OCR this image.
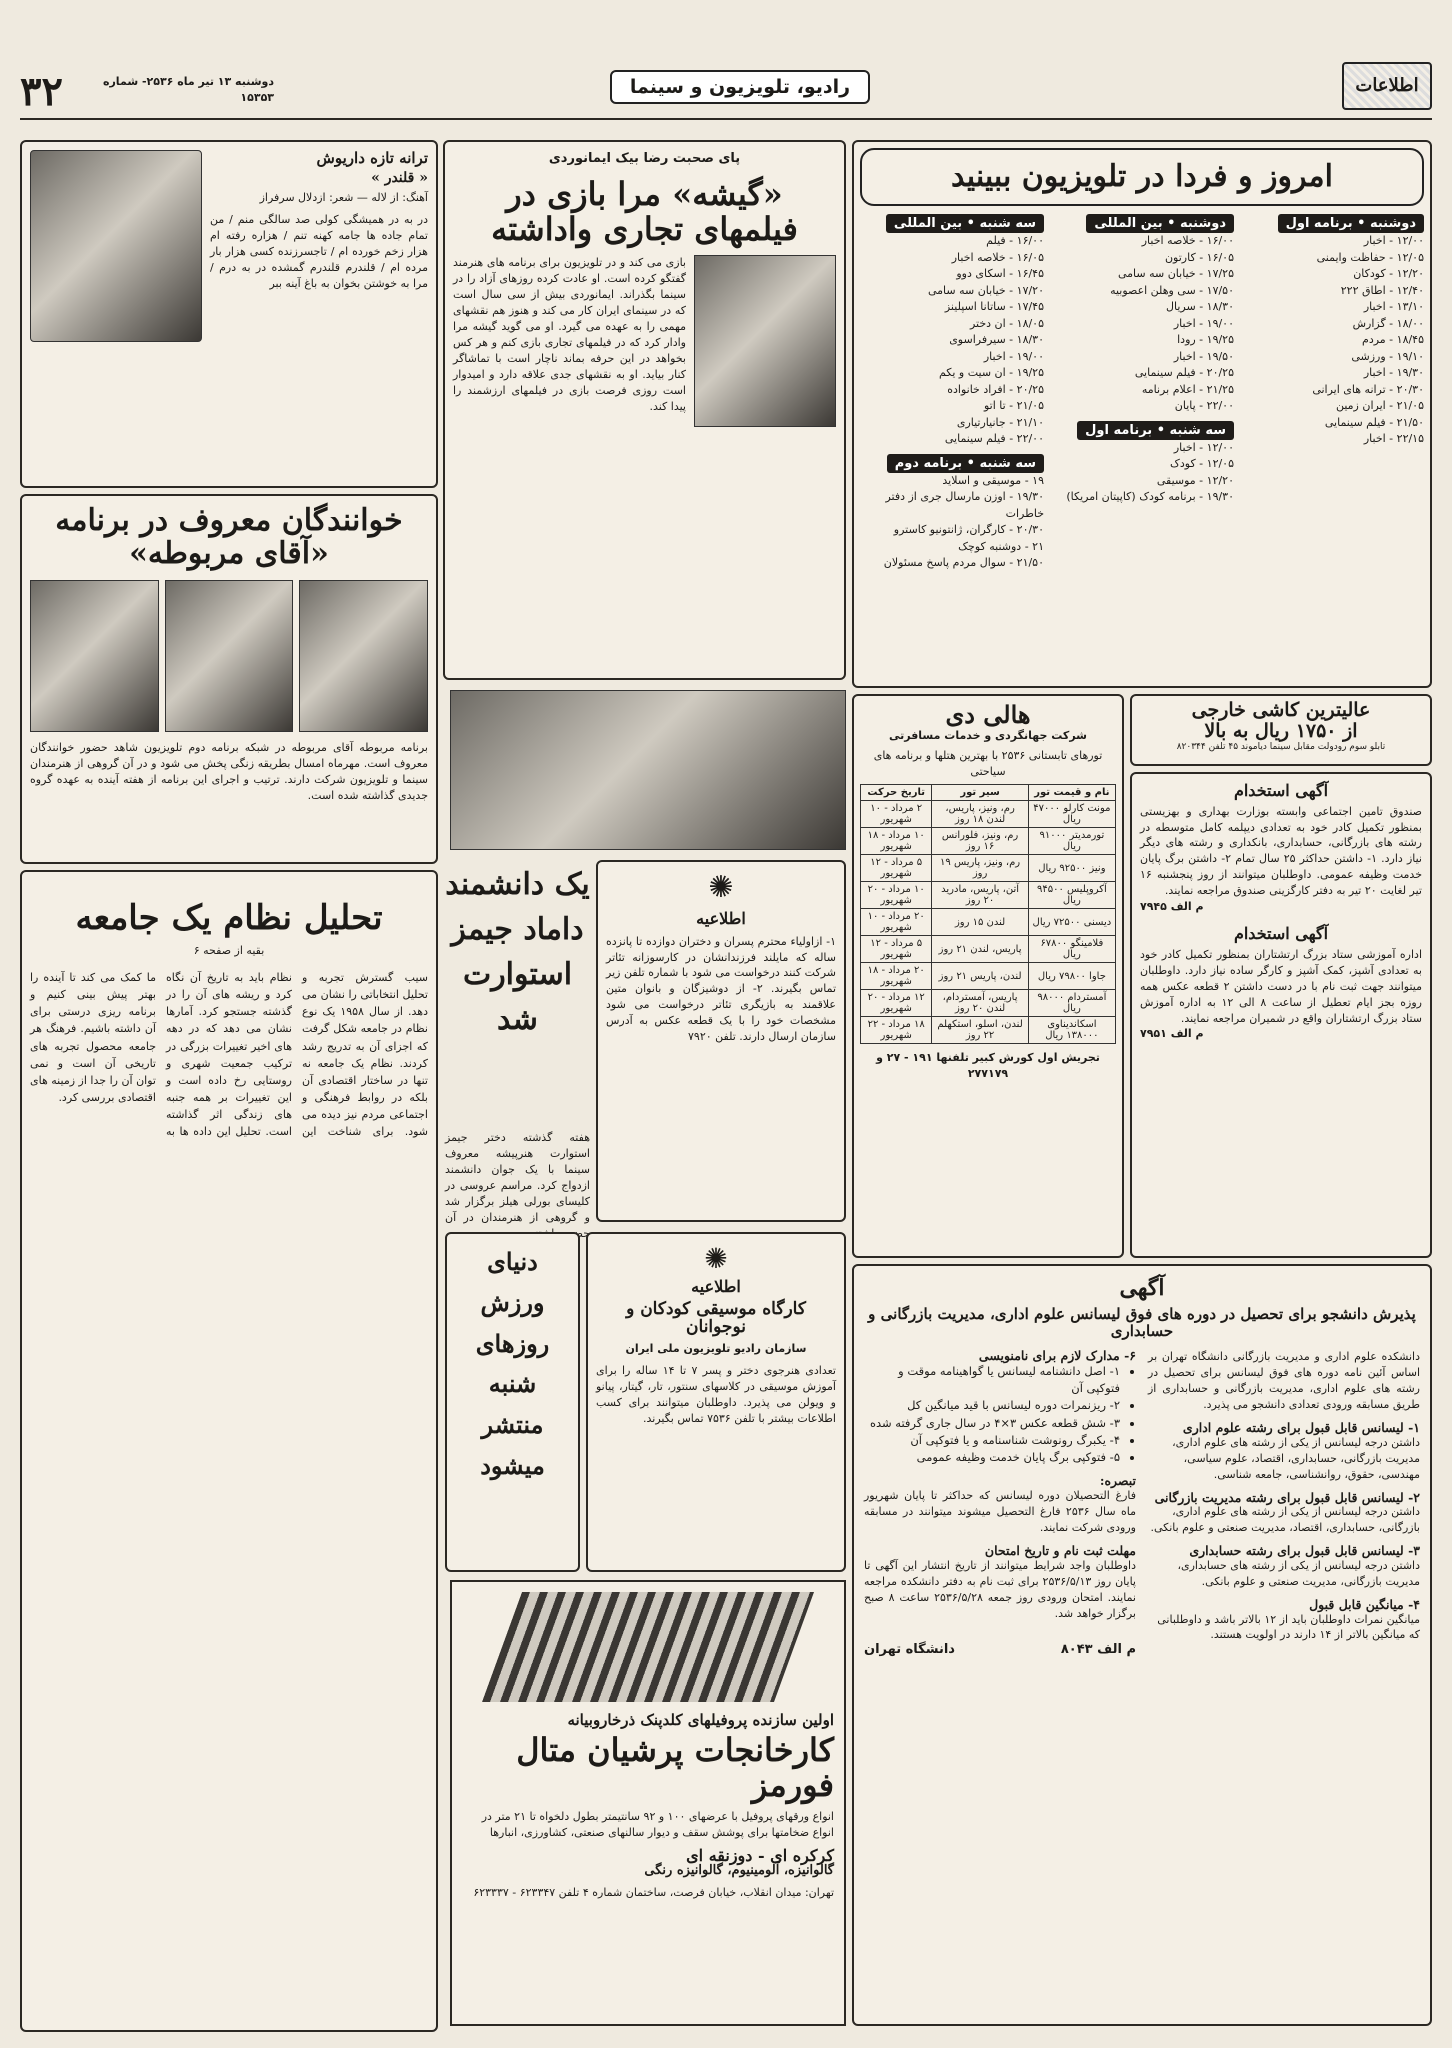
۳۲	دوشنبه ۱۳ تیر ماه ۲۵۳۶- شماره ۱۵۳۵۳	رادیو، تلویزیون و سینما	اطلاعات
امروز و فردا در تلویزیون ببینید
دوشنبه • برنامه اول
۱۲/۰۰ - اخبار
۱۲/۰۵ - حفاظت وایمنی
۱۲/۲۰ - کودکان
۱۲/۴۰ - اطاق ۲۲۲
۱۳/۱۰ - اخبار
۱۸/۰۰ - گزارش
۱۸/۴۵ - مردم
۱۹/۱۰ - ورزشی
۱۹/۳۰ - اخبار
۲۰/۳۰ - ترانه های ایرانی
۲۱/۰۵ - ایران زمین
۲۱/۵۰ - فیلم سینمایی
۲۲/۱۵ - اخبار
دوشنبه • بین المللی
۱۶/۰۰ - خلاصه اخبار
۱۶/۰۵ - کارتون
۱۷/۲۵ - خیابان سه سامی
۱۷/۵۰ - سی وهلن اعصوبیه
۱۸/۳۰ - سریال
۱۹/۰۰ - اخبار
۱۹/۲۵ - رودا
۱۹/۵۰ - اخبار
۲۰/۲۵ - فیلم سینمایی
۲۱/۲۵ - اعلام برنامه
۲۲/۰۰ - پایان
سه شنبه • برنامه اول
۱۲/۰۰ - اخبار
۱۲/۰۵ - کودک
۱۲/۲۰ - موسیقی
۱۹/۳۰ - برنامه کودک (کاپیتان امریکا)
سه شنبه • بین المللی
۱۶/۰۰ - فیلم
۱۶/۰۵ - خلاصه اخبار
۱۶/۴۵ - اسکای دوو
۱۷/۲۰ - خیابان سه سامی
۱۷/۴۵ - ساتانا اسپلینز
۱۸/۰۵ - ان دختر
۱۸/۳۰ - سیرفراسوی
۱۹/۰۰ - اخبار
۱۹/۲۵ - ان سیت و یکم
۲۰/۲۵ - افراد خانواده
۲۱/۰۵ - تا اتو
۲۱/۱۰ - جانیارتیاری
۲۲/۰۰ - فیلم سینمایی
سه شنبه • برنامه دوم
۱۹ - موسیقی و اسلاید
۱۹/۳۰ - اوزن مارسال جری از دفتر خاطرات
۲۰/۳۰ - کارگران، ژانتونیو کاسترو
۲۱ - دوشنبه کوچک
۲۱/۵۰ - سوال مردم پاسخ مسئولان
پای صحبت رضا بیک ایمانوردی
«گیشه» مرا بازی در فیلمهای تجاری واداشته
بازی می کند و در تلویزیون برای برنامه های هنرمند گفتگو کرده است. او عادت کرده روزهای آزاد را در سینما بگذراند. ایمانوردی بیش از سی سال است که در سینمای ایران کار می کند و هنوز هم نقشهای مهمی را به عهده می گیرد. او می گوید گیشه مرا وادار کرد که در فیلمهای تجاری بازی کنم و هر کس بخواهد در این حرفه بماند ناچار است با تماشاگر کنار بیاید. او به نقشهای جدی علاقه دارد و امیدوار است روزی فرصت بازی در فیلمهای ارزشمند را پیدا کند.
ترانه تازه داریوش
« قلندر »
آهنگ: از لاله — شعر: ازدلال سرفراز
در به در همیشگی کولی صد سالگی منم / من تمام جاده ها جامه کهنه تنم / هزاره رفته ام هزار زخم خورده ام / تاجسرزنده کسی هزار بار مرده ام / قلندرم قلندرم گمشده در به درم / مرا به خوشتن بخوان به باغ آینه ببر
خوانندگان معروف در برنامه «آقای مربوطه»
برنامه مربوطه آقای مربوطه در شبکه برنامه دوم تلویزیون شاهد حضور خوانندگان معروف است. مهرماه امسال بطریقه زنگی پخش می شود و در آن گروهی از هنرمندان سینما و تلویزیون شرکت دارند. ترتیب و اجرای این برنامه از هفته آینده به عهده گروه جدیدی گذاشته شده است.
تحلیل نظام یک جامعه
بقیه از صفحه ۶
سیب گسترش تجربه و تحلیل انتخاباتی را نشان می دهد. از سال ۱۹۵۸ یک نوع نظام در جامعه شکل گرفت که اجزای آن به تدریج رشد کردند. نظام یک جامعه نه تنها در ساختار اقتصادی آن بلکه در روابط فرهنگی و اجتماعی مردم نیز دیده می شود. برای شناخت این نظام باید به تاریخ آن نگاه کرد و ریشه های آن را در گذشته جستجو کرد. آمارها نشان می دهد که در دهه های اخیر تغییرات بزرگی در ترکیب جمعیت شهری و روستایی رخ داده است و این تغییرات بر همه جنبه های زندگی اثر گذاشته است. تحلیل این داده ها به ما کمک می کند تا آینده را بهتر پیش بینی کنیم و برنامه ریزی درستی برای آن داشته باشیم. فرهنگ هر جامعه محصول تجربه های تاریخی آن است و نمی توان آن را جدا از زمینه های اقتصادی بررسی کرد.
یک دانشمند داماد جیمز استوارت شد
هفته گذشته دختر جیمز استوارت هنرپیشه معروف سینما با یک جوان دانشمند ازدواج کرد. مراسم عروسی در کلیسای بورلی هیلز برگزار شد و گروهی از هنرمندان در آن
✺
اطلاعیه
۱- ازاولیاء محترم پسران و دختران دوازده تا پانزده ساله که مایلند فرزندانشان در کارسوزانه تئاتر شرکت کنند درخواست می شود با شماره تلفن زیر تماس بگیرند. ۲- از دوشیزگان و بانوان متین علاقمند به بازیگری تئاتر درخواست می شود مشخصات خود را با یک قطعه عکس به آدرس سازمان ارسال دارند. تلفن ۷۹۲۰
دنیای ورزش روزهای شنبه منتشر میشود
✺
اطلاعیه
کارگاه موسیقی کودکان و نوجوانان
سازمان رادیو تلویزیون ملی ایران
تعدادی هنرجوی دختر و پسر ۷ تا ۱۴ ساله را برای آموزش موسیقی در کلاسهای سنتور، تار، گیتار، پیانو و ویولن می پذیرد. داوطلبان میتوانند برای کسب اطلاعات بیشتر با تلفن ۷۵۳۶ تماس بگیرند.
اولین سازنده پروفیلهای کلدپنک ذرخاروبیانه
کارخانجات پرشیان متال فورمز
انواع ورقهای پروفیل با عرضهای ۱۰۰ و ۹۲ سانتیمتر بطول دلخواه تا ۲۱ متر در انواع ضخامتها برای پوشش سقف و دیوار سالنهای صنعتی، کشاورزی، انبارها
کرکره ای - دوزنقه ای
گالوانیزه، آلومینیوم، گالوانیزه رنگی
تهران: میدان انقلاب، خیابان فرصت، ساختمان شماره ۴ تلفن ۶۲۳۳۴۷ - ۶۲۳۳۳۷
هالی دی
شرکت جهانگردی و خدمات مسافرتی
تورهای تابستانی ۲۵۳۶ با بهترین هتلها و برنامه های سیاحتی
نام و قیمت تور	سیر تور	تاریخ حرکت
مونت کارلو ۴۷۰۰۰ ریال	رم، ونیز، پاریس، لندن ۱۸ روز	۲ مرداد - ۱۰ شهریور
تورمدیتر ۹۱۰۰۰ ریال	رم، ونیز، فلورانس ۱۶ روز	۱۰ مرداد - ۱۸ شهریور
ونیز ۹۲۵۰۰ ریال	رم، ونیز، پاریس ۱۹ روز	۵ مرداد - ۱۲ شهریور
آکروپلیس ۹۴۵۰۰ ریال	آتن، پاریس، مادرید ۲۰ روز	۱۰ مرداد - ۲۰ شهریور
دیسنی ۷۲۵۰۰ ریال	لندن ۱۵ روز	۲۰ مرداد - ۱۰ شهریور
فلامینگو ۶۷۸۰۰ ریال	پاریس، لندن ۲۱ روز	۵ مرداد - ۱۲ شهریور
جاوا ۷۹۸۰۰ ریال	لندن، پاریس ۲۱ روز	۲۰ مرداد - ۱۸ شهریور
آمستردام ۹۸۰۰۰ ریال	پاریس، آمستردام، لندن ۲۰ روز	۱۲ مرداد - ۲۰ شهریور
اسکاندیناوی ۱۳۸۰۰۰ ریال	لندن، اسلو، استکهلم ۲۲ روز	۱۸ مرداد - ۲۲ شهریور
تجریش اول کورش کبیر تلفنها ۱۹۱ - ۲۷ و ۲۷۷۱۷۹
عالیترین کاشی خارجی
از ۱۷۵۰ ریال به بالا
تابلو سوم رودولت مقابل سینما دیاموند ۴۵ تلفن ۸۲۰۳۴۴
آگهی استخدام
صندوق تامین اجتماعی وابسته بوزارت بهداری و بهزیستی بمنظور تکمیل کادر خود به تعدادی دیپلمه کامل متوسطه در رشته های بازرگانی، حسابداری، بانکداری و رشته های دیگر نیاز دارد. ۱- داشتن حداکثر ۲۵ سال تمام ۲- داشتن برگ پایان خدمت وظیفه عمومی. داوطلبان میتوانند از روز پنجشنبه ۱۶ تیر لغایت ۲۰ تیر به دفتر کارگزینی صندوق مراجعه نمایند.
م الف ۷۹۴۵
آگهی استخدام
اداره آموزشی ستاد بزرگ ارتشتاران بمنظور تکمیل کادر خود به تعدادی آشپز، کمک آشپز و کارگر ساده نیاز دارد. داوطلبان میتوانند جهت ثبت نام با در دست داشتن ۲ قطعه عکس همه روزه بجز ایام تعطیل از ساعت ۸ الی ۱۲ به اداره آموزش ستاد بزرگ ارتشتاران واقع در شمیران مراجعه نمایند.
م الف ۷۹۵۱
آگهی
پذیرش دانشجو برای تحصیل در دوره های فوق لیسانس علوم اداری، مدیریت بازرگانی و حسابداری
دانشکده علوم اداری و مدیریت بازرگانی دانشگاه تهران بر اساس آئین نامه دوره های فوق لیسانس برای تحصیل در رشته های علوم اداری، مدیریت بازرگانی و حسابداری از طریق مسابقه ورودی تعدادی دانشجو می پذیرد.
۱- لیسانس قابل قبول برای رشته علوم اداری
داشتن درجه لیسانس از یکی از رشته های علوم اداری، مدیریت بازرگانی، حسابداری، اقتصاد، علوم سیاسی، مهندسی، حقوق، روانشناسی، جامعه شناسی.
۲- لیسانس قابل قبول برای رشته مدیریت بازرگانی
داشتن درجه لیسانس از یکی از رشته های علوم اداری، بازرگانی، حسابداری، اقتصاد، مدیریت صنعتی و علوم بانکی.
۳- لیسانس قابل قبول برای رشته حسابداری
داشتن درجه لیسانس از یکی از رشته های حسابداری، مدیریت بازرگانی، مدیریت صنعتی و علوم بانکی.
۴- میانگین قابل قبول
میانگین نمرات داوطلبان باید از ۱۲ بالاتر باشد و داوطلبانی که میانگین بالاتر از ۱۴ دارند در اولویت هستند.
۶- مدارک لازم برای نامنویسی
• ۱- اصل دانشنامه لیسانس یا گواهینامه موقت و فتوکپی آن
• ۲- ریزنمرات دوره لیسانس با قید میانگین کل
• ۳- شش قطعه عکس ۳×۴ در سال جاری گرفته شده
• ۴- یکبرگ رونوشت شناسنامه و یا فتوکپی آن
• ۵- فتوکپی برگ پایان خدمت وظیفه عمومی
تبصره:
فارغ التحصیلان دوره لیسانس که حداکثر تا پایان شهریور ماه سال ۲۵۳۶ فارغ التحصیل میشوند میتوانند در مسابقه ورودی شرکت نمایند.
مهلت ثبت نام و تاریخ امتحان
داوطلبان واجد شرایط میتوانند از تاریخ انتشار این آگهی تا پایان روز ۲۵۳۶/۵/۱۳ برای ثبت نام به دفتر دانشکده مراجعه نمایند. امتحان ورودی روز جمعه ۲۵۳۶/۵/۲۸ ساعت ۸ صبح برگزار خواهد شد.
م الف ۸۰۴۳
دانشگاه تهران
